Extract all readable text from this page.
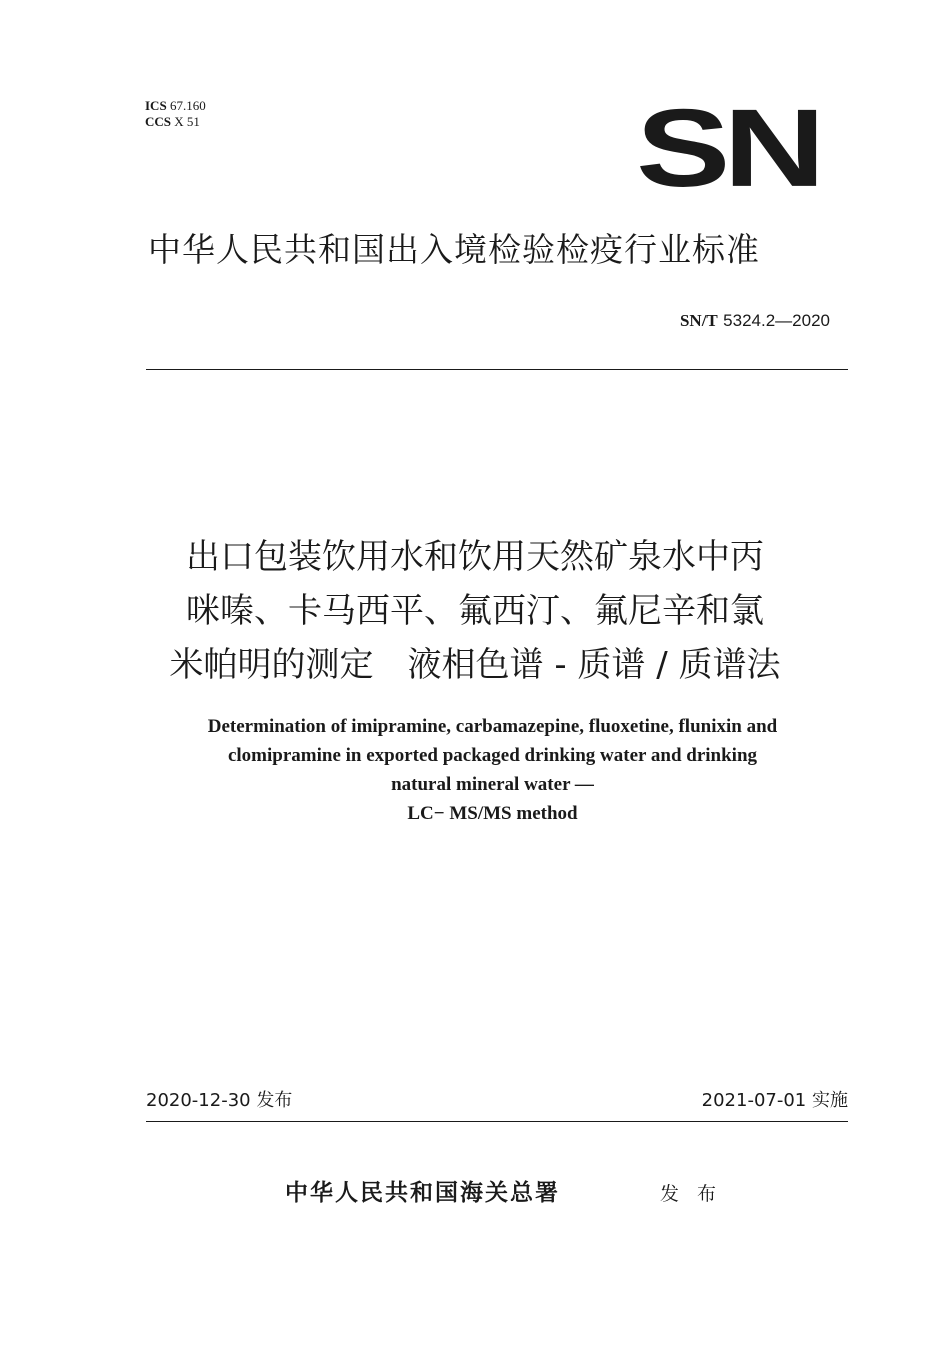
ICS 67.160
CCS X 51	SN
中华人民共和国出入境检验检疫行业标准
SN/T 5324.2—2020
出口包装饮用水和饮用天然矿泉水中丙
咪嗪、卡马西平、氟西汀、氟尼辛和氯
米帕明的测定　液相色谱 - 质谱 / 质谱法
Determination of imipramine, carbamazepine, fluoxetine, flunixin and
clomipramine in exported packaged drinking water and drinking
natural mineral water —
LC− MS/MS method
2020-12-30 发布	2021-07-01 实施
中华人民共和国海关总署	发 布
